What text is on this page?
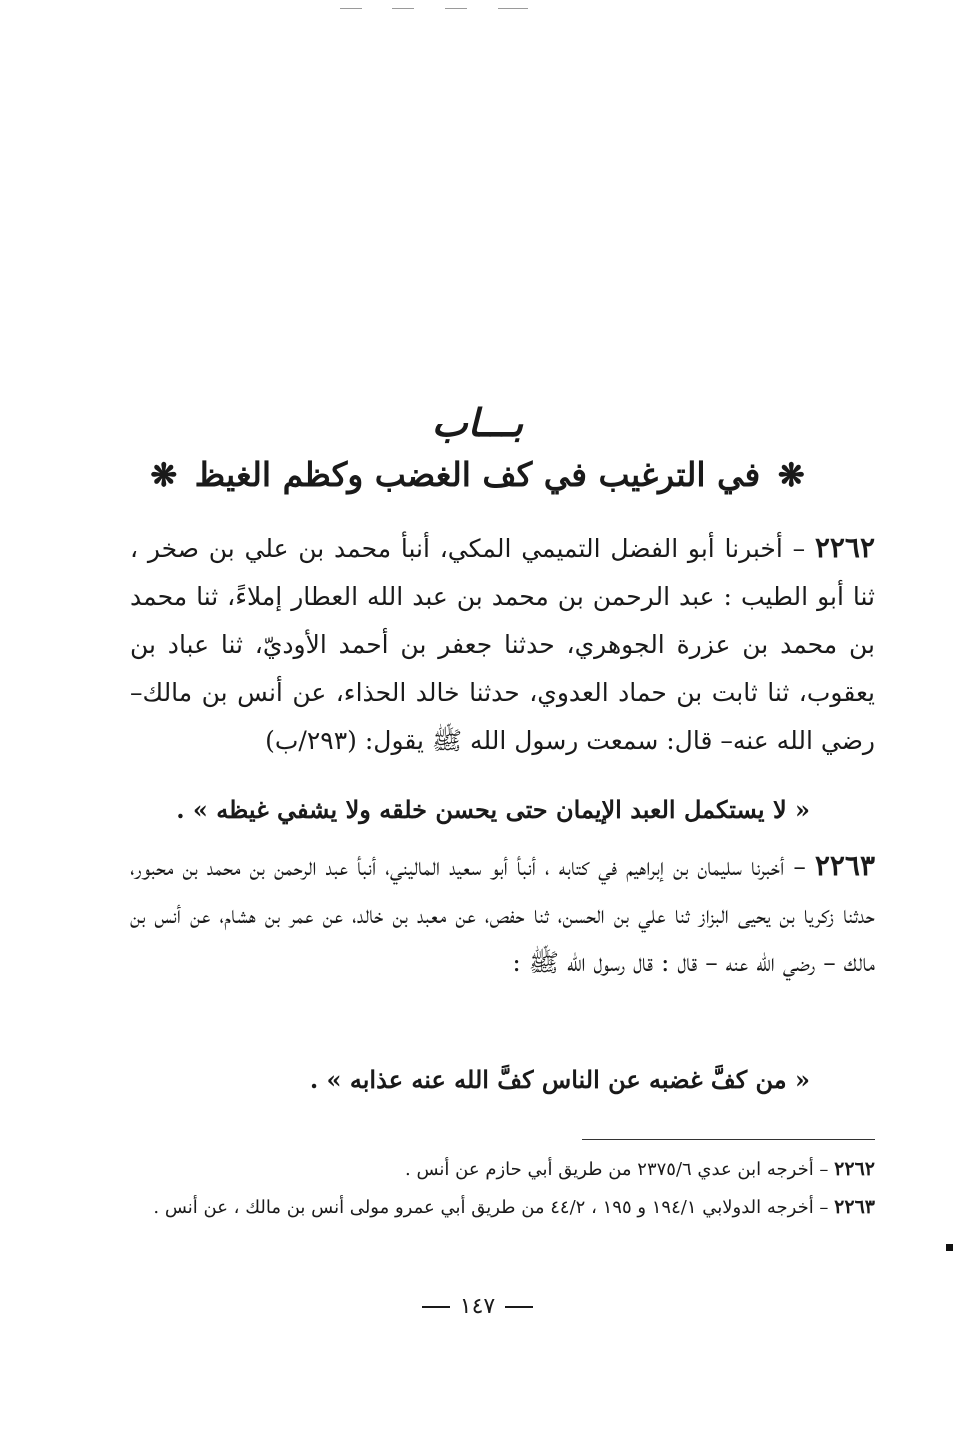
بـــاب
❋ في الترغيب في كف الغضب وكظم الغيظ ❋
٢٢٦٢ – أخبرنا أبو الفضل التميمي المكي، أنبأ محمد بن علي بن صخر ، ثنا أبو الطيب : عبد الرحمن بن محمد بن عبد الله العطار إملاءً، ثنا محمد بن محمد بن عزرة الجوهري، حدثنا جعفر بن أحمد الأوديّ، ثنا عباد بن يعقوب، ثنا ثابت بن حماد العدوي، حدثنا خالد الحذاء، عن أنس بن مالك– رضي الله عنه– قال: سمعت رسول الله ﷺ يقول: (٢٩٣/ب)
« لا يستكمل العبد الإيمان حتى يحسن خلقه ولا يشفي غيظه » .
٢٢٦٣ – أخبرنا سليمان بن إبراهيم في كتابه ، أنبأ أبو سعيد الماليني، أنبأ عبد الرحمن بن محمد بن محبور، حدثنا زكريا بن يحيى البزاز ثنا علي بن الحسن، ثنا حفص، عن معبد بن خالد، عن عمر بن هشام، عن أنس بن مالك – رضي الله عنه – قال : قال رسول الله ﷺ :
« من كفَّ غضبه عن الناس كفَّ الله عنه عذابه » .
٢٢٦٢ – أخرجه ابن عدي ٢٣٧٥/٦ من طريق أبي حازم عن أنس .
٢٢٦٣ – أخرجه الدولابي ١٩٤/١ و ١٩٥ ، ٤٤/٢ من طريق أبي عمرو مولى أنس بن مالك ، عن أنس .
١٤٧
